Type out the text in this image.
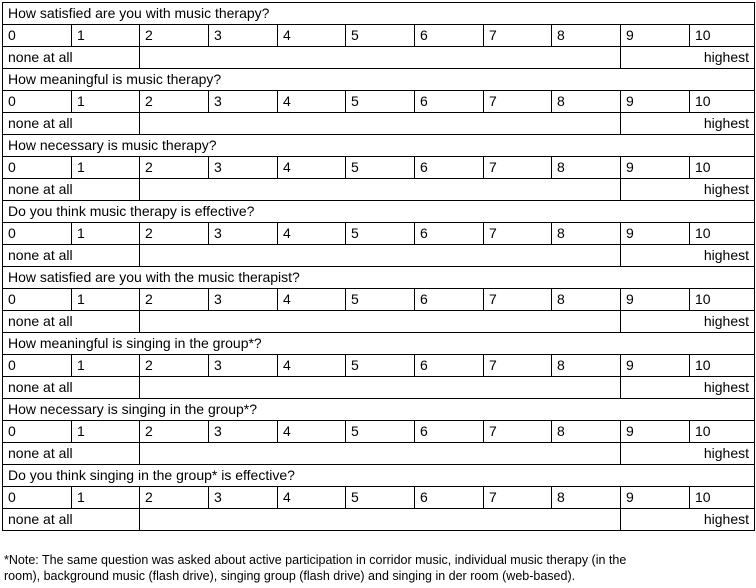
How satisfied are you with music therapy?										
0	1	2	3	4	5	6	7	8	9	10
none at all									highest	
How meaningful is music therapy?										
0	1	2	3	4	5	6	7	8	9	10
none at all									highest	
How necessary is music therapy?										
0	1	2	3	4	5	6	7	8	9	10
none at all									highest	
Do you think music therapy is effective?										
0	1	2	3	4	5	6	7	8	9	10
none at all									highest	
How satisfied are you with the music therapist?										
0	1	2	3	4	5	6	7	8	9	10
none at all									highest	
How meaningful is singing in the group*?										
0	1	2	3	4	5	6	7	8	9	10
none at all									highest	
How necessary is singing in the group*?										
0	1	2	3	4	5	6	7	8	9	10
none at all									highest	
Do you think singing in the group* is effective?										
0	1	2	3	4	5	6	7	8	9	10
none at all									highest	
*Note: The same question was asked about active participation in corridor music, individual music therapy (in the
room), background music (flash drive), singing group (flash drive) and singing in der room (web-based).
